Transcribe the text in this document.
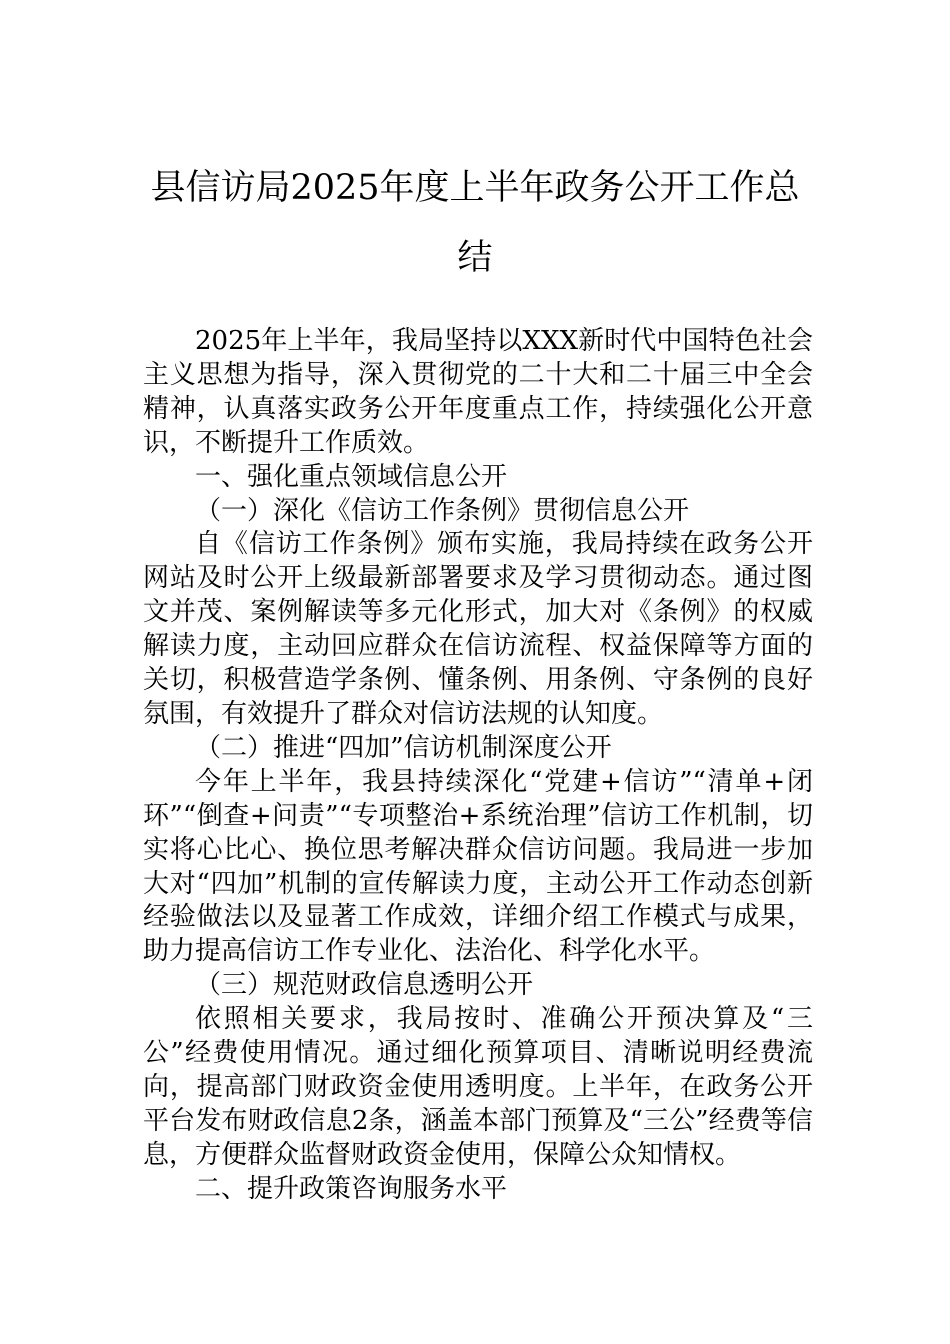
县信访局2025年度上半年政务公开工作总
结

2025年上半年，我局坚持以XXX新时代中国特色社会主义思想为指导，深入贯彻党的二十大和二十届三中全会精神，认真落实政务公开年度重点工作，持续强化公开意识，不断提升工作质效。

一、强化重点领域信息公开

（一）深化《信访工作条例》贯彻信息公开

自《信访工作条例》颁布实施，我局持续在政务公开网站及时公开上级最新部署要求及学习贯彻动态。通过图文并茂、案例解读等多元化形式，加大对《条例》的权威解读力度，主动回应群众在信访流程、权益保障等方面的关切，积极营造学条例、懂条例、用条例、守条例的良好氛围，有效提升了群众对信访法规的认知度。

（二）推进“四加”信访机制深度公开

今年上半年，我县持续深化“党建+信访”“清单+闭环”“倒查+问责”“专项整治+系统治理”信访工作机制，切实将心比心、换位思考解决群众信访问题。我局进一步加大对“四加”机制的宣传解读力度，主动公开工作动态创新经验做法以及显著工作成效，详细介绍工作模式与成果，助力提高信访工作专业化、法治化、科学化水平。

（三）规范财政信息透明公开

依照相关要求，我局按时、准确公开预决算及“三公”经费使用情况。通过细化预算项目、清晰说明经费流向，提高部门财政资金使用透明度。上半年，在政务公开平台发布财政信息2条，涵盖本部门预算及“三公”经费等信息，方便群众监督财政资金使用，保障公众知情权。

二、提升政策咨询服务水平
